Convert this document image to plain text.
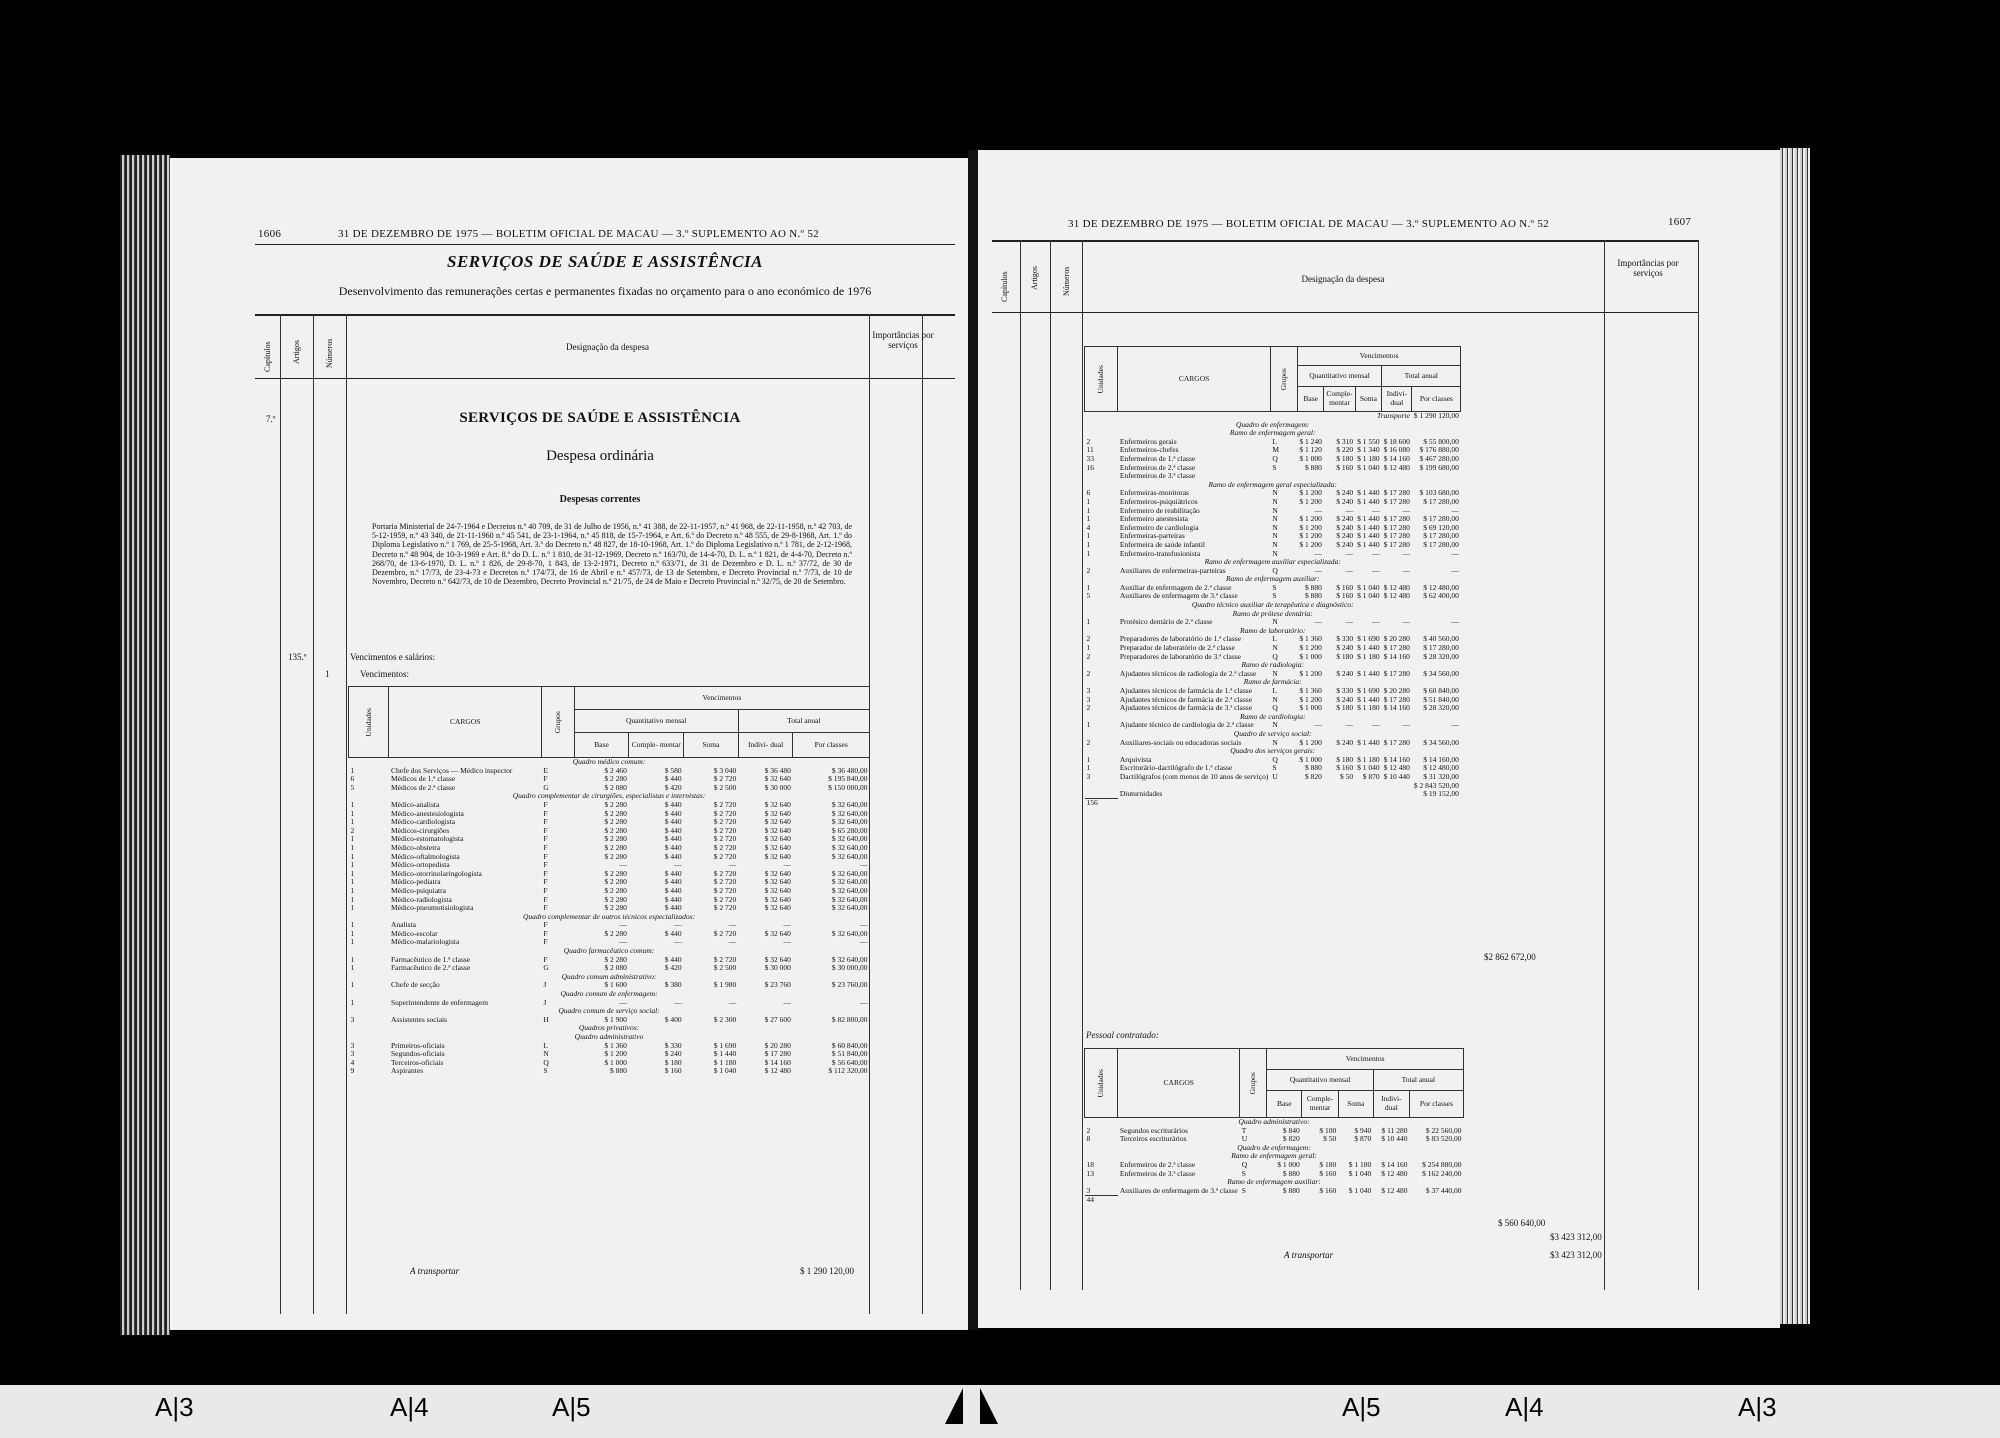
1606	31 DE DEZEMBRO DE 1975 — BOLETIM OFICIAL DE MACAU — 3.º SUPLEMENTO AO N.º 52
SERVIÇOS DE SAÚDE E ASSISTÊNCIA
Desenvolvimento das remunerações certas e permanentes fixadas no orçamento para o ano económico de 1976
Capítulos	Artigos	Números	Designação da despesa
Importâncias por serviços
7.º	SERVIÇOS DE SAÚDE E ASSISTÊNCIA
Despesa ordinária
Despesas correntes
Portaria Ministerial de 24-7-1964 e Decretos n.º 40 709, de 31 de Julho de 1956, n.º 41 388, de 22-11-1957, n.º 41 968, de 22-11-1958, n.º 42 703, de 5-12-1959, n.º 43 340, de 21-11-1960 n.º 45 541, de 23-1-1964, n.º 45 818, de 15-7-1964, e Art. 6.º do Decreto n.º 48 555, de 29-8-1968, Art. 1.º do Diploma Legislativo n.º 1 769, de 25-5-1968, Art. 3.º do Decreto n.º 48 827, de 18-10-1968, Art. 1.º do Diploma Legislativo n.º 1 781, de 2-12-1968, Decreto n.º 48 904, de 10-3-1969 e Art. 8.º do D. L. n.º 1 810, de 31-12-1969, Decreto n.º 163/70, de 14-4-70, D. L. n.º 1 821, de 4-4-70, Decreto n.º 268/70, de 13-6-1970, D. L. n.º 1 826, de 29-8-70, 1 843, de 13-2-1971, Decreto n.º 633/71, de 31 de Dezembro e D. L. n.º 37/72, de 30 de Dezembro, n.º 17/73, de 23-4-73 e Decretos n.º 174/73, de 16 de Abril e n.º 457/73, de 13 de Setembro, e Decreto Provincial n.º 7/73, de 10 de Novembro, Decreto n.º 642/73, de 10 de Dezembro, Decreto Provincial n.º 21/75, de 24 de Maio e Decreto Provincial n.º 32/75, de 20 de Setembro.
135.º	Vencimentos e salários:
1	Vencimentos:
Unidades	CARGOS	Grupos	Vencimentos				
			Quantitativo mensal			Total anual	
			Base	Comple- mentar	Soma	Indivi- dual	Por classes
Quadro médico comum:							
1	Chefe dos Serviços — Médico inspector	E	$ 2 460	$ 580	$ 3 040	$ 36 480	$ 36 480,00
6	Médicos de 1.ª classe	F	$ 2 280	$ 440	$ 2 720	$ 32 640	$ 195 840,00
5	Médicos de 2.ª classe	G	$ 2 080	$ 420	$ 2 500	$ 30 000	$ 150 000,00
Quadro complementar de cirurgiões, especialistas e internistas:							
1	Médico-analista	F	$ 2 280	$ 440	$ 2 720	$ 32 640	$ 32 640,00
1	Médico-anestesiologista	F	$ 2 280	$ 440	$ 2 720	$ 32 640	$ 32 640,00
1	Médico-cardiologista	F	$ 2 280	$ 440	$ 2 720	$ 32 640	$ 32 640,00
2	Médicos-cirurgiões	F	$ 2 280	$ 440	$ 2 720	$ 32 640	$ 65 280,00
1	Médico-estomatologista	F	$ 2 280	$ 440	$ 2 720	$ 32 640	$ 32 640,00
1	Médico-obstetra	F	$ 2 280	$ 440	$ 2 720	$ 32 640	$ 32 640,00
1	Médico-oftalmologista	F	$ 2 280	$ 440	$ 2 720	$ 32 640	$ 32 640,00
1	Médico-ortopedista	F	—	—	—	—	—
1	Médico-otorrinolaringologista	F	$ 2 280	$ 440	$ 2 720	$ 32 640	$ 32 640,00
1	Médico-pediatra	F	$ 2 280	$ 440	$ 2 720	$ 32 640	$ 32 640,00
1	Médico-psiquiatra	F	$ 2 280	$ 440	$ 2 720	$ 32 640	$ 32 640,00
1	Médico-radiologista	F	$ 2 280	$ 440	$ 2 720	$ 32 640	$ 32 640,00
1	Médico-pneumotisiologista	F	$ 2 280	$ 440	$ 2 720	$ 32 640	$ 32 640,00
Quadro complementar de outros técnicos especializados:							
1	Analista	F	—	—	—	—	—
1	Médico-escolar	F	$ 2 280	$ 440	$ 2 720	$ 32 640	$ 32 640,00
1	Médico-malariologista	F	—	—	—	—	—
Quadro farmacêutico comum:							
1	Farmacêutico de 1.ª classe	F	$ 2 280	$ 440	$ 2 720	$ 32 640	$ 32 640,00
1	Farmacêutico de 2.ª classe	G	$ 2 080	$ 420	$ 2 500	$ 30 000	$ 30 000,00
Quadro comum administrativo:							
1	Chefe de secção	J	$ 1 600	$ 380	$ 1 980	$ 23 760	$ 23 760,00
Quadro comum de enfermagem:							
1	Superintendente de enfermagem	J	—	—	—	—	—
Quadro comum de serviço social:							
3	Assistentes sociais	H	$ 1 900	$ 400	$ 2 300	$ 27 600	$ 82 800,00
Quadros privativos:							
Quadro administrativo							
3	Primeiros-oficiais	L	$ 1 360	$ 330	$ 1 690	$ 20 280	$ 60 840,00
3	Segundos-oficiais	N	$ 1 200	$ 240	$ 1 440	$ 17 280	$ 51 840,00
4	Terceiros-oficiais	Q	$ 1 000	$ 180	$ 1 180	$ 14 160	$ 56 640,00
9	Aspirantes	S	$ 880	$ 160	$ 1 040	$ 12 480	$ 112 320,00
A transportar	$ 1 290 120,00
31 DE DEZEMBRO DE 1975 — BOLETIM OFICIAL DE MACAU — 3.º SUPLEMENTO AO N.º 52	1607
Capítulos	Artigos	Números	Designação da despesa
Importâncias por serviços
Unidades	CARGOS	Grupos	Vencimentos				
			Quantitativo mensal			Total anual	
			Base	Comple- mentar	Soma	Indivi- dual	Por classes
Transporte							$ 1 290 120,00
Quadro de enfermagem:							
Ramo de enfermagem geral:							
2	Enfermeiros gerais	L	$ 1 240	$ 310	$ 1 550	$ 18 600	$ 55 800,00
11	Enfermeiros-chefes	M	$ 1 120	$ 220	$ 1 340	$ 16 080	$ 176 880,00
33	Enfermeiros de 1.ª classe	Q	$ 1 000	$ 180	$ 1 180	$ 14 160	$ 467 280,00
16	Enfermeiros de 2.ª classe	S	$ 880	$ 160	$ 1 040	$ 12 480	$ 199 680,00
	Enfermeiros de 3.ª classe						
Ramo de enfermagem geral especializada:							
6	Enfermeiras-monitoras	N	$ 1 200	$ 240	$ 1 440	$ 17 280	$ 103 680,00
1	Enfermeiros-psiquiátricos	N	$ 1 200	$ 240	$ 1 440	$ 17 280	$ 17 280,00
1	Enfermeiro de reabilitação	N	—	—	—	—	—
1	Enfermeiro anestesista	N	$ 1 200	$ 240	$ 1 440	$ 17 280	$ 17 280,00
4	Enfermeiro de cardiologia	N	$ 1 200	$ 240	$ 1 440	$ 17 280	$ 69 120,00
1	Enfermeiras-parteiras	N	$ 1 200	$ 240	$ 1 440	$ 17 280	$ 17 280,00
1	Enfermeira de saúde infantil	N	$ 1 200	$ 240	$ 1 440	$ 17 280	$ 17 280,00
1	Enfermeiro-transfusionista	N	—	—	—	—	—
Ramo de enfermagem auxiliar especializada:							
2	Auxiliares de enfermeiras-parteiras	Q	—	—	—	—	—
Ramo de enfermagem auxiliar:							
1	Auxiliar de enfermagem de 2.ª classe	S	$ 880	$ 160	$ 1 040	$ 12 480	$ 12 480,00
5	Auxiliares de enfermagem de 3.ª classe	S	$ 880	$ 160	$ 1 040	$ 12 480	$ 62 400,00
Quadro técnico auxiliar de terapêutica e diagnóstico:							
Ramo de prótese dentária:							
1	Protésico dentário de 2.ª classe	N	—	—	—	—	—
Ramo de laboratório:							
2	Preparadores de laboratório de 1.ª classe	L	$ 1 360	$ 330	$ 1 690	$ 20 280	$ 40 560,00
1	Preparador de laboratório de 2.ª classe	N	$ 1 200	$ 240	$ 1 440	$ 17 280	$ 17 280,00
2	Preparadores de laboratório de 3.ª classe	Q	$ 1 000	$ 180	$ 1 180	$ 14 160	$ 28 320,00
Ramo de radiologia:							
2	Ajudantes técnicos de radiologia de 2.ª classe	N	$ 1 200	$ 240	$ 1 440	$ 17 280	$ 34 560,00
Ramo de farmácia:							
3	Ajudantes técnicos de farmácia de 1.ª classe	L	$ 1 360	$ 330	$ 1 690	$ 20 280	$ 60 840,00
3	Ajudantes técnicos de farmácia de 2.ª classe	N	$ 1 200	$ 240	$ 1 440	$ 17 280	$ 51 840,00
2	Ajudantes técnicos de farmácia de 3.ª classe	Q	$ 1 000	$ 180	$ 1 180	$ 14 160	$ 28 320,00
Ramo de cardiologia:							
1	Ajudante técnico de cardiologia de 2.ª classe	N	—	—	—	—	—
Quadro de serviço social:							
2	Auxiliares-sociais ou educadoras sociais	N	$ 1 200	$ 240	$ 1 440	$ 17 280	$ 34 560,00
Quadro dos serviços gerais:							
1	Arquivista	Q	$ 1 000	$ 180	$ 1 180	$ 14 160	$ 14 160,00
1	Escriturário-dactilógrafo de 1.ª classe	S	$ 880	$ 160	$ 1 040	$ 12 480	$ 12 480,00
3	Dactilógrafos (com menos de 10 anos de serviço)	U	$ 820	$ 50	$ 870	$ 10 440	$ 31 320,00
							$ 2 843 520,00
	Diuturnidades						$ 19 152,00
156							
$2 862 672,00
Pessoal contratado:
Unidades	CARGOS	Grupos	Vencimentos				
			Quantitativo mensal			Total anual	
			Base	Comple- mentar	Soma	Indivi- dual	Por classes
Quadro administrativo:							
2	Segundos escriturários	T	$ 840	$ 100	$ 940	$ 11 280	$ 22 560,00
8	Terceiros escriturários	U	$ 820	$ 50	$ 870	$ 10 440	$ 83 520,00
Quadro de enfermagem:							
Ramo de enfermagem geral:							
18	Enfermeiros de 2.ª classe	Q	$ 1 000	$ 180	$ 1 180	$ 14 160	$ 254 880,00
13	Enfermeiros de 3.ª classe	S	$ 880	$ 160	$ 1 040	$ 12 480	$ 162 240,00
Ramo de enfermagem auxiliar:							
3	Auxiliares de enfermagem de 3.ª classe	S	$ 880	$ 160	$ 1 040	$ 12 480	$ 37 440,00
44							
$ 560 640,00
$3 423 312,00
A transportar	$3 423 312,00
A|3	A|4	A|5	A|5	A|4	A|3
